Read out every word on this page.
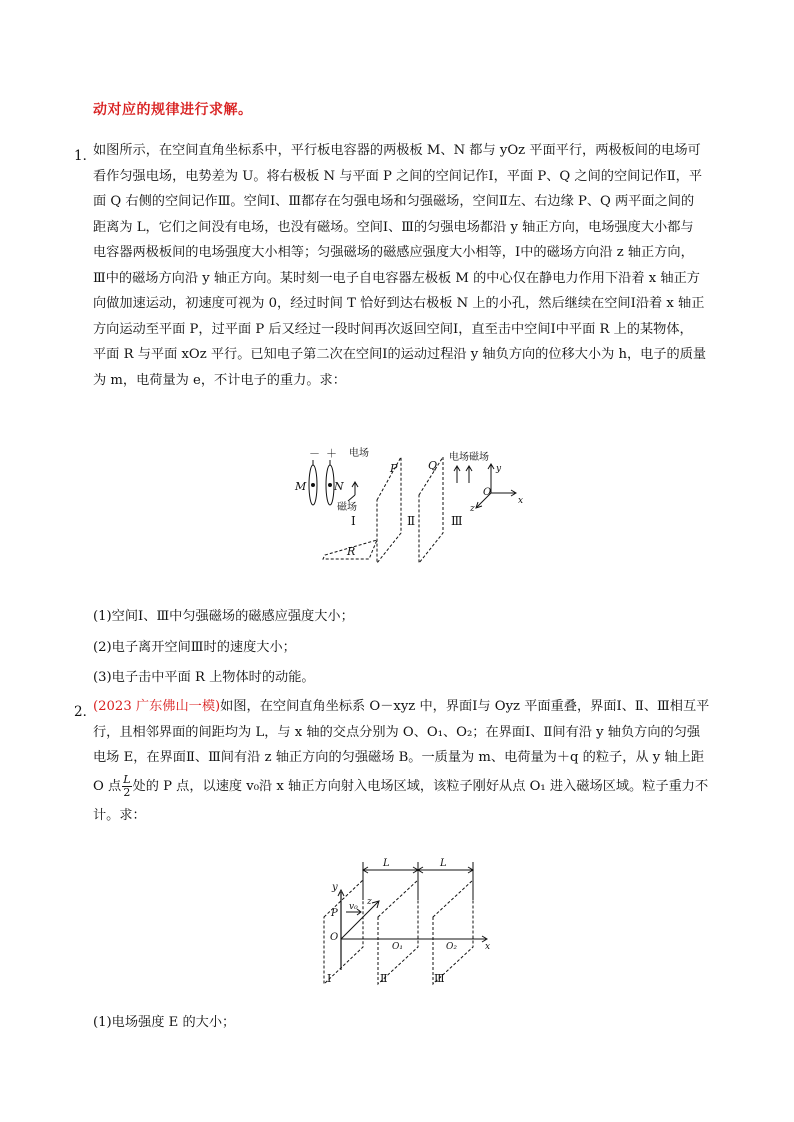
动对应的规律进行求解。
1．
如图所示，在空间直角坐标系中，平行板电容器的两极板 M、N 都与 yOz 平面平行，两极板间的电场可
看作匀强电场，电势差为 U。将右极板 N 与平面 P 之间的空间记作Ⅰ，平面 P、Q 之间的空间记作Ⅱ，平
面 Q 右侧的空间记作Ⅲ。空间Ⅰ、Ⅲ都存在匀强电场和匀强磁场，空间Ⅱ左、右边缘 P、Q 两平面之间的
距离为 L，它们之间没有电场，也没有磁场。空间Ⅰ、Ⅲ的匀强电场都沿 y 轴正方向，电场强度大小都与
电容器两极板间的电场强度大小相等；匀强磁场的磁感应强度大小相等，Ⅰ中的磁场方向沿 z 轴正方向，
Ⅲ中的磁场方向沿 y 轴正方向。某时刻一电子自电容器左极板 M 的中心仅在静电力作用下沿着 x 轴正方
向做加速运动，初速度可视为 0，经过时间 T 恰好到达右极板 N 上的小孔，然后继续在空间Ⅰ沿着 x 轴正
方向运动至平面 P，过平面 P 后又经过一段时间再次返回空间Ⅰ，直至击中空间Ⅰ中平面 R 上的某物体，
平面 R 与平面 xOz 平行。已知电子第二次在空间Ⅰ的运动过程沿 y 轴负方向的位移大小为 h，电子的质量
为 m，电荷量为 e，不计电子的重力。求：
－ ＋
M	N
电场
磁场
Ⅰ
P
Ⅱ
Q
电场磁场
Ⅲ
y
O
x
z
R
(1)空间Ⅰ、Ⅲ中匀强磁场的磁感应强度大小；
(2)电子离开空间Ⅲ时的速度大小；
(3)电子击中平面 R 上物体时的动能。
2．
(2023 广东佛山一模)如图，在空间直角坐标系 O－xyz 中，界面Ⅰ与 Oyz 平面重叠，界面Ⅰ、Ⅱ、Ⅲ相互平
行，且相邻界面的间距均为 L，与 x 轴的交点分别为 O、O₁、O₂；在界面Ⅰ、Ⅱ间有沿 y 轴负方向的匀强
电场 E，在界面Ⅱ、Ⅲ间有沿 z 轴正方向的匀强磁场 B。一质量为 m、电荷量为＋q 的粒子，从 y 轴上距
O 点 $\frac{L}{2}$ 处的 P 点，以速度 v₀沿 x 轴正方向射入电场区域，该粒子刚好从点 O₁ 进入磁场区域。粒子重力不
计。求：
L	L
y
P
v₀ z
O
O₁	O₂	x
Ⅰ	Ⅱ	Ⅲ
(1)电场强度 E 的大小；
